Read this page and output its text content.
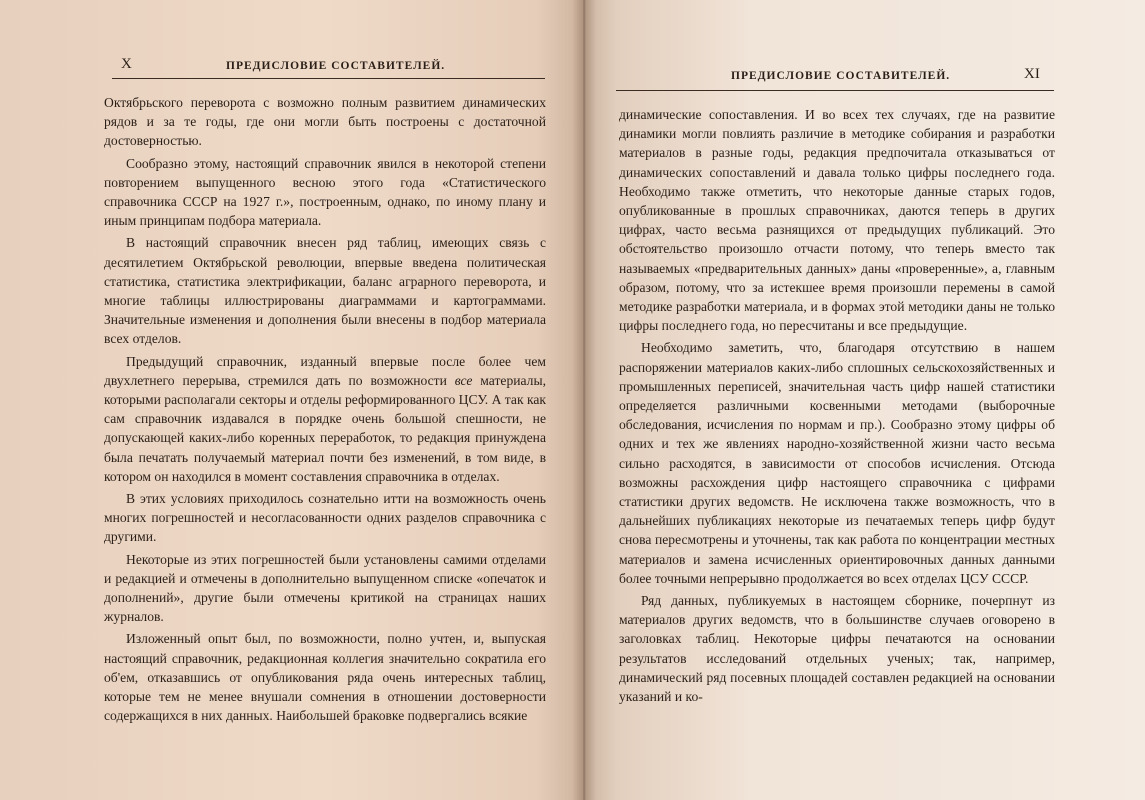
X	ПРЕДИСЛОВИЕ СОСТАВИТЕЛЕЙ.

Октябрьского переворота с возможно полным развитием динамических рядов и за те годы, где они могли быть построены с достаточной достоверностью.

Сообразно этому, настоящий справочник явился в некоторой степени повторением выпущенного весною этого года «Статистического справочника СССР на 1927 г.», построенным, однако, по иному плану и иным принципам подбора материала.

В настоящий справочник внесен ряд таблиц, имеющих связь с десятилетием Октябрьской революции, впервые введена политическая статистика, статистика электрификации, баланс аграрного переворота, и многие таблицы иллюстрированы диаграммами и картограммами. Значительные изменения и дополнения были внесены в подбор материала всех отделов.

Предыдущий справочник, изданный впервые после более чем двухлетнего перерыва, стремился дать по возможности все материалы, которыми располагали секторы и отделы реформированного ЦСУ. А так как сам справочник издавался в порядке очень большой спешности, не допускающей каких-либо коренных переработок, то редакция принуждена была печатать получаемый материал почти без изменений, в том виде, в котором он находился в момент составления справочника в отделах.

В этих условиях приходилось сознательно итти на возможность очень многих погрешностей и несогласованности одних разделов справочника с другими.

Некоторые из этих погрешностей были установлены самими отделами и редакцией и отмечены в дополнительно выпущенном списке «опечаток и дополнений», другие были отмечены критикой на страницах наших журналов.

Изложенный опыт был, по возможности, полно учтен, и, выпуская настоящий справочник, редакционная коллегия значительно сократила его об'ем, отказавшись от опубликования ряда очень интересных таблиц, которые тем не менее внушали сомнения в отношении достоверности содержащихся в них данных. Наибольшей браковке подвергались всякие

ПРЕДИСЛОВИЕ СОСТАВИТЕЛЕЙ.	XI

динамические сопоставления. И во всех тех случаях, где на развитие динамики могли повлиять различие в методике собирания и разработки материалов в разные годы, редакция предпочитала отказываться от динамических сопоставлений и давала только цифры последнего года. Необходимо также отметить, что некоторые данные старых годов, опубликованные в прошлых справочниках, даются теперь в других цифрах, часто весьма разнящихся от предыдущих публикаций. Это обстоятельство произошло отчасти потому, что теперь вместо так называемых «предварительных данных» даны «проверенные», а, главным образом, потому, что за истекшее время произошли перемены в самой методике разработки материала, и в формах этой методики даны не только цифры последнего года, но пересчитаны и все предыдущие.

Необходимо заметить, что, благодаря отсутствию в нашем распоряжении материалов каких-либо сплошных сельскохозяйственных и промышленных переписей, значительная часть цифр нашей статистики определяется различными косвенными методами (выборочные обследования, исчисления по нормам и пр.). Сообразно этому цифры об одних и тех же явлениях народно-хозяйственной жизни часто весьма сильно расходятся, в зависимости от способов исчисления. Отсюда возможны расхождения цифр настоящего справочника с цифрами статистики других ведомств. Не исключена также возможность, что в дальнейших публикациях некоторые из печатаемых теперь цифр будут снова пересмотрены и уточнены, так как работа по концентрации местных материалов и замена исчисленных ориентировочных данных данными более точными непрерывно продолжается во всех отделах ЦСУ СССР.

Ряд данных, публикуемых в настоящем сборнике, почерпнут из материалов других ведомств, что в большинстве случаев оговорено в заголовках таблиц. Некоторые цифры печатаются на основании результатов исследований отдельных ученых; так, например, динамический ряд посевных площадей составлен редакцией на основании указаний и ко-
